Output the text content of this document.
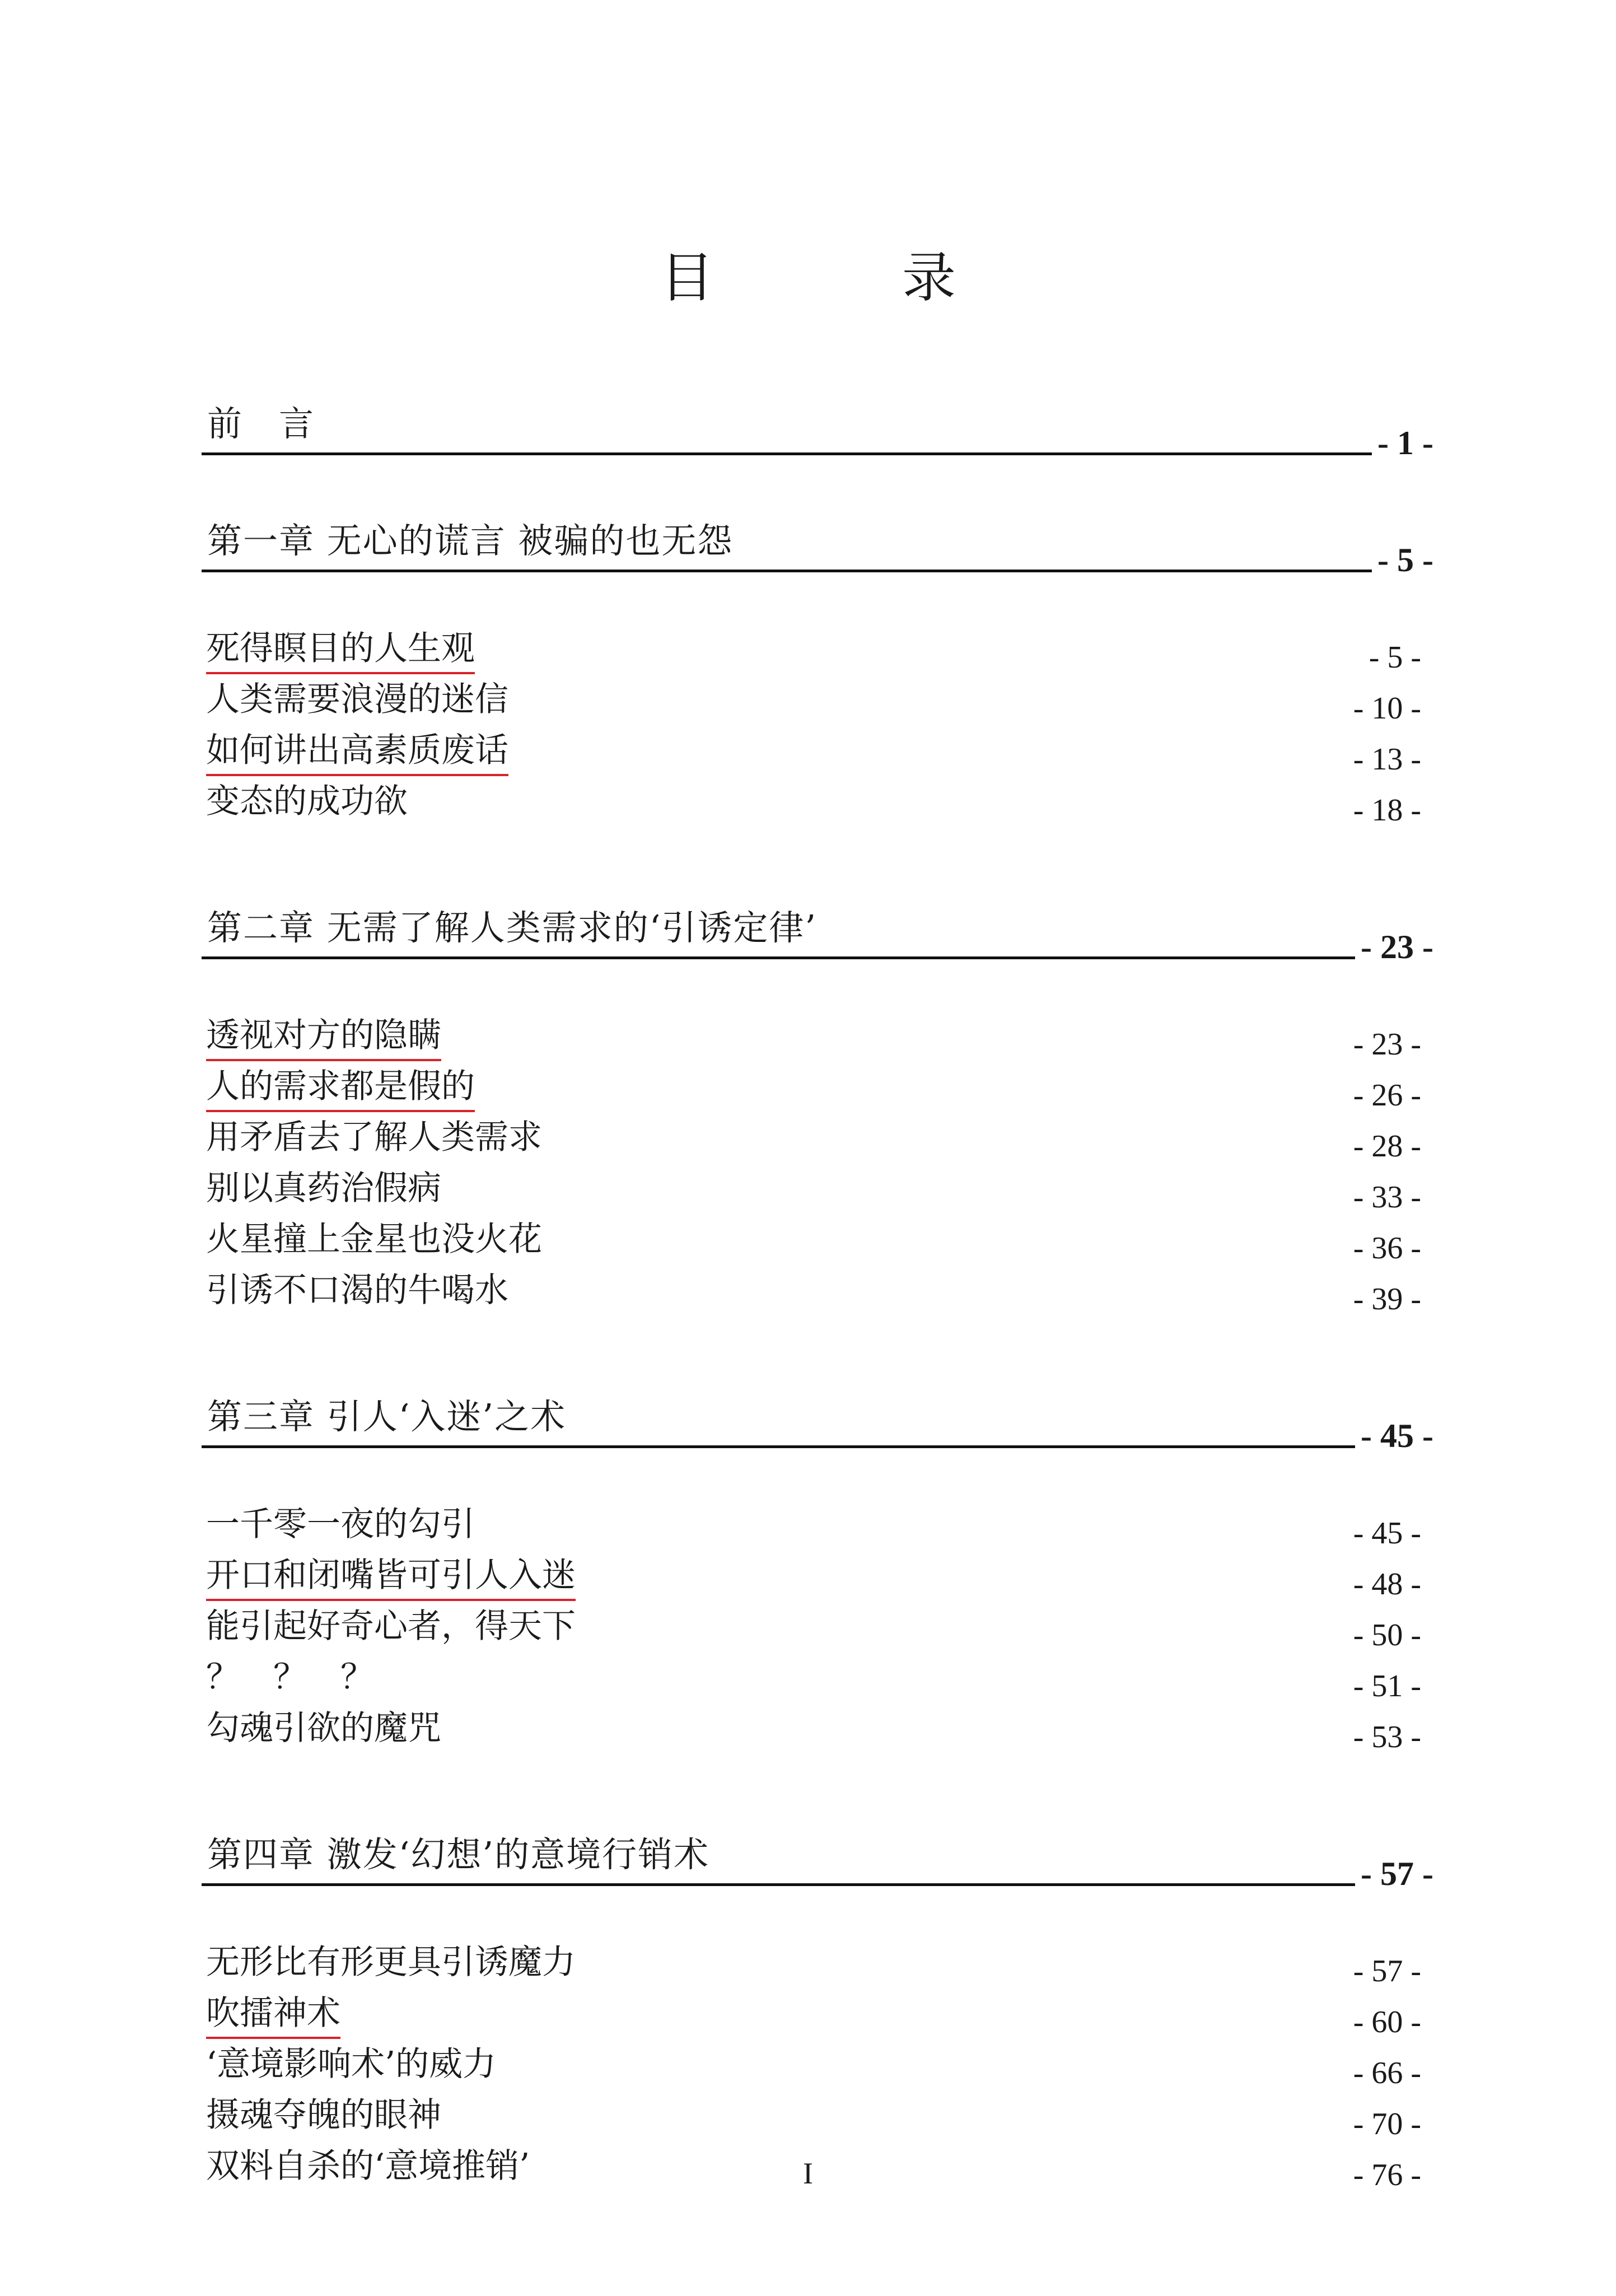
目　录
前　言	- 1 -
第一章 无心的谎言 被骗的也无怨	- 5 -
死得瞑目的人生观	- 5 -
人类需要浪漫的迷信	- 10 -
如何讲出高素质废话	- 13 -
变态的成功欲	- 18 -
第二章 无需了解人类需求的‘引诱定律’	- 23 -
透视对方的隐瞒	- 23 -
人的需求都是假的	- 26 -
用矛盾去了解人类需求	- 28 -
别以真药治假病	- 33 -
火星撞上金星也没火花	- 36 -
引诱不口渴的牛喝水	- 39 -
第三章 引人‘入迷’之术	- 45 -
一千零一夜的勾引	- 45 -
开口和闭嘴皆可引人入迷	- 48 -
能引起好奇心者，得天下	- 50 -
？　？　？	- 51 -
勾魂引欲的魔咒	- 53 -
第四章 激发‘幻想’的意境行销术	- 57 -
无形比有形更具引诱魔力	- 57 -
吹擂神术	- 60 -
‘意境影响术’的威力	- 66 -
摄魂夺魄的眼神	- 70 -
双料自杀的‘意境推销’	- 76 -
I
